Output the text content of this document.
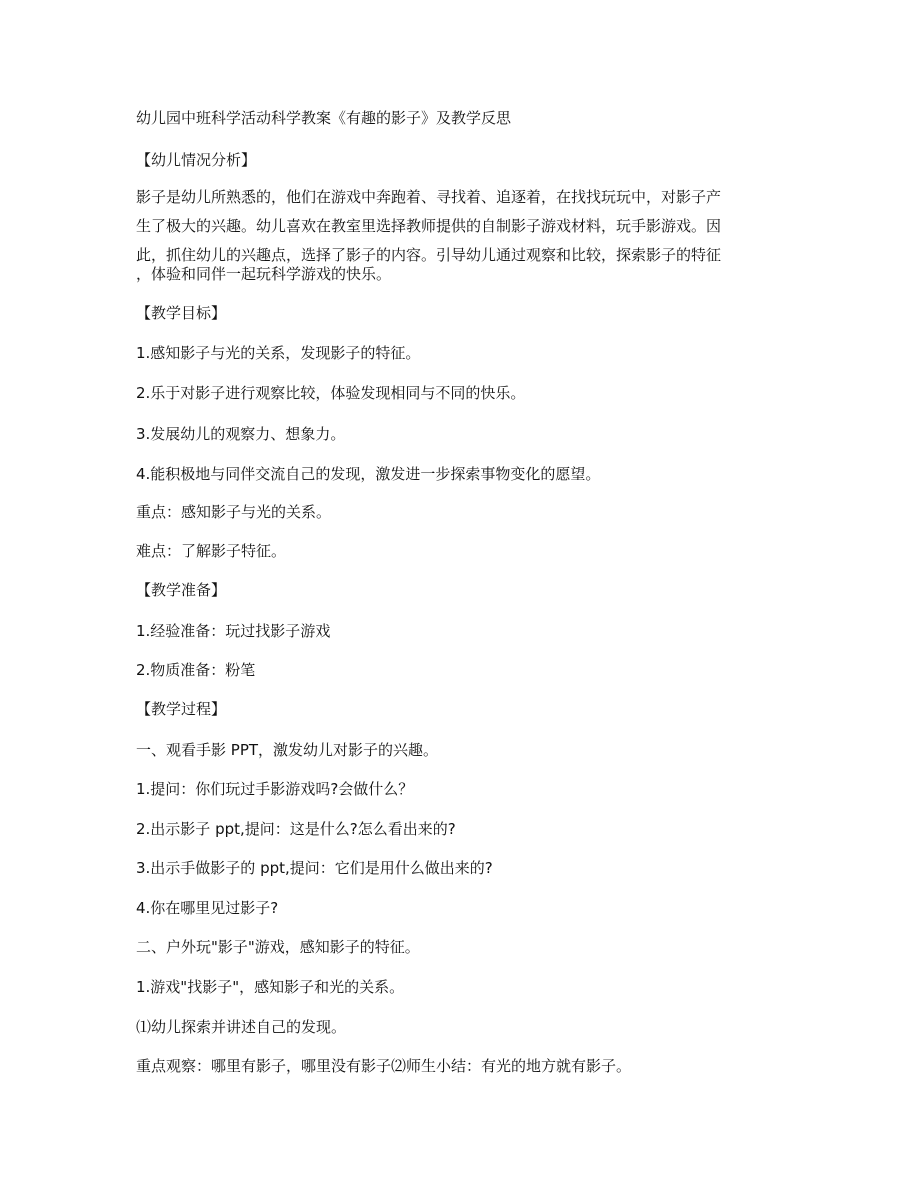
幼儿园中班科学活动科学教案《有趣的影子》及教学反思
【幼儿情况分析】
影子是幼儿所熟悉的，他们在游戏中奔跑着、寻找着、追逐着，在找找玩玩中，对影子产
生了极大的兴趣。幼儿喜欢在教室里选择教师提供的自制影子游戏材料，玩手影游戏。因
此，抓住幼儿的兴趣点，选择了影子的内容。引导幼儿通过观察和比较，探索影子的特征
，体验和同伴一起玩科学游戏的快乐。
【教学目标】
1.感知影子与光的关系，发现影子的特征。
2.乐于对影子进行观察比较，体验发现相同与不同的快乐。
3.发展幼儿的观察力、想象力。
4.能积极地与同伴交流自己的发现，激发进一步探索事物变化的愿望。
重点：感知影子与光的关系。
难点：了解影子特征。
【教学准备】
1.经验准备：玩过找影子游戏
2.物质准备：粉笔
【教学过程】
一、观看手影 PPT，激发幼儿对影子的兴趣。
1.提问：你们玩过手影游戏吗?会做什么？
2.出示影子 ppt,提问：这是什么?怎么看出来的?
3.出示手做影子的 ppt,提问：它们是用什么做出来的?
4.你在哪里见过影子?
二、户外玩"影子"游戏，感知影子的特征。
1.游戏"找影子"，感知影子和光的关系。
⑴幼儿探索并讲述自己的发现。
重点观察：哪里有影子，哪里没有影子⑵师生小结：有光的地方就有影子。
